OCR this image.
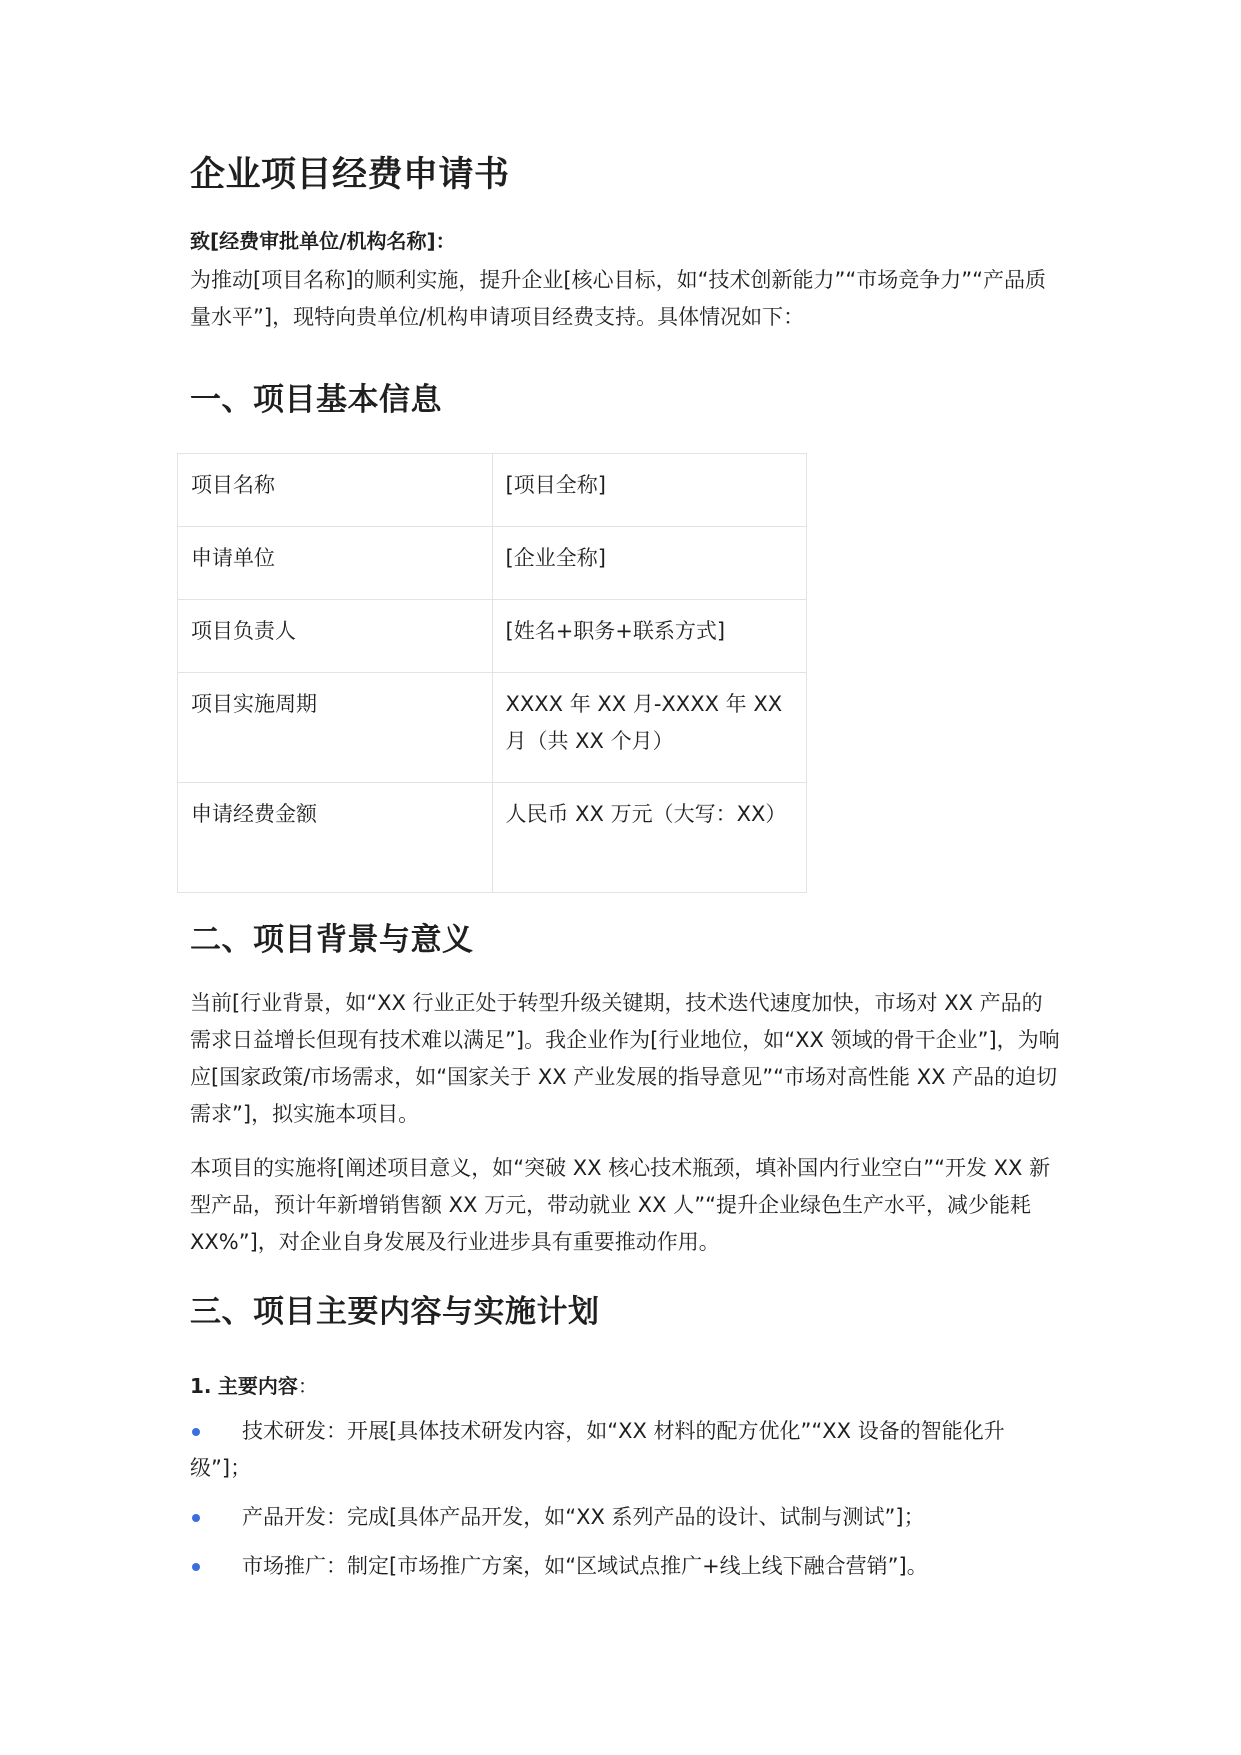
企业项目经费申请书

致[经费审批单位/机构名称]：

为推动[项目名称]的顺利实施，提升企业[核心目标，如“技术创新能力”“市场竞争力”“产品质量水平”]，现特向贵单位/机构申请项目经费支持。具体情况如下：

一、项目基本信息
项目名称	[项目全称]
申请单位	[企业全称]
项目负责人	[姓名+职务+联系方式]
项目实施周期	XXXX 年 XX 月-XXXX 年 XX 月（共 XX 个月）
申请经费金额	人民币 XX 万元（大写：XX）
二、项目背景与意义

当前[行业背景，如“XX 行业正处于转型升级关键期，技术迭代速度加快，市场对 XX 产品的需求日益增长但现有技术难以满足”]。我企业作为[行业地位，如“XX 领域的骨干企业”]，为响应[国家政策/市场需求，如“国家关于 XX 产业发展的指导意见”“市场对高性能 XX 产品的迫切需求”]，拟实施本项目。

本项目的实施将[阐述项目意义，如“突破 XX 核心技术瓶颈，填补国内行业空白”“开发 XX 新型产品，预计年新增销售额 XX 万元，带动就业 XX 人”“提升企业绿色生产水平，减少能耗 XX%”]，对企业自身发展及行业进步具有重要推动作用。

三、项目主要内容与实施计划

1. 主要内容：

技术研发：开展[具体技术研发内容，如“XX 材料的配方优化”“XX 设备的智能化升级”]；
产品开发：完成[具体产品开发，如“XX 系列产品的设计、试制与测试”]；
市场推广：制定[市场推广方案，如“区域试点推广+线上线下融合营销”]。
